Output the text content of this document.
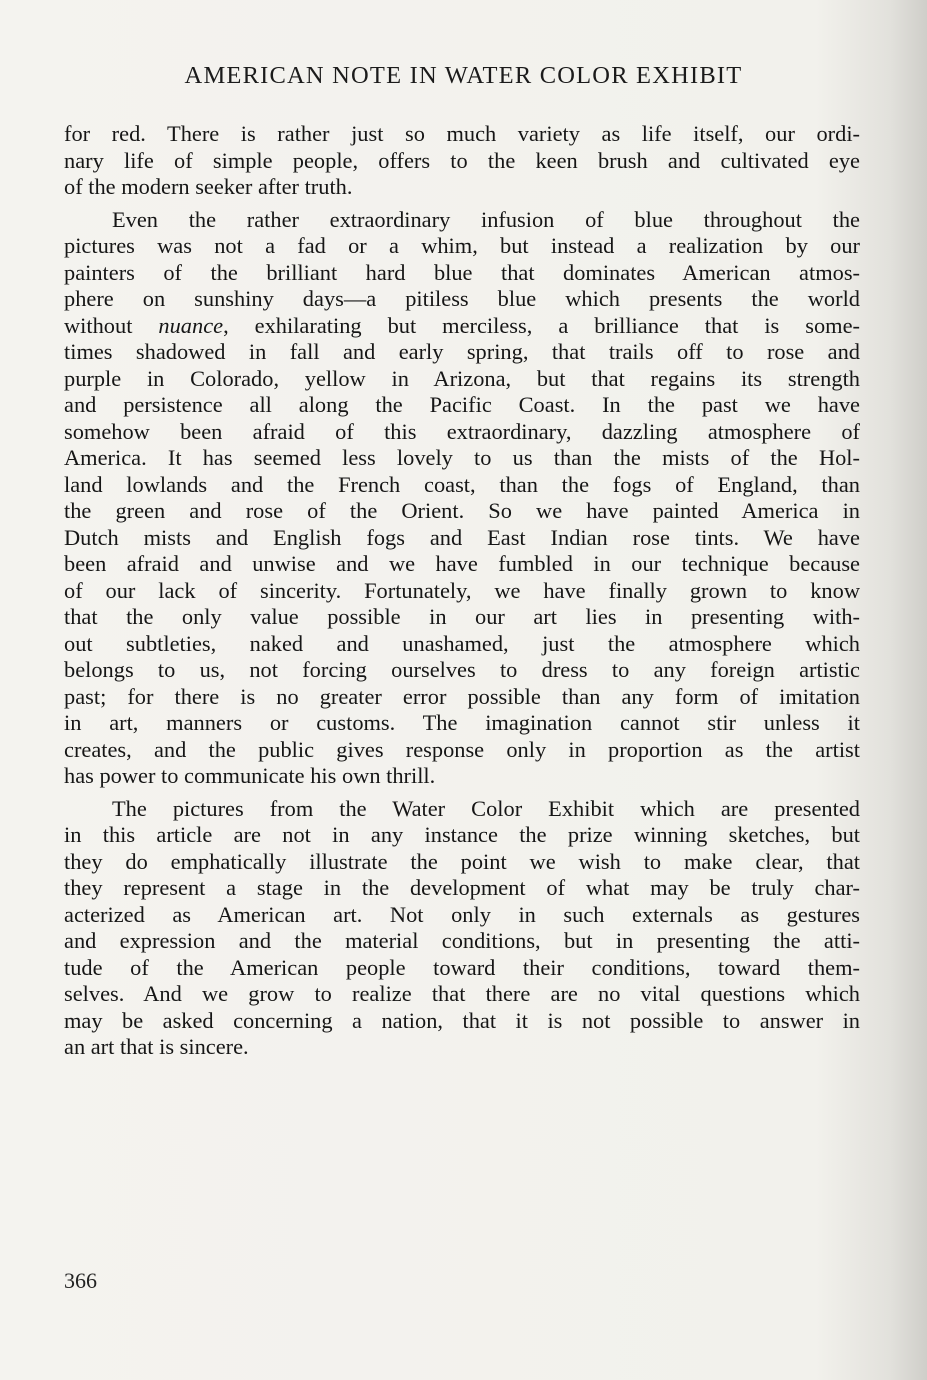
AMERICAN NOTE IN WATER COLOR EXHIBIT
for red. There is rather just so much variety as life itself, our ordi-
nary life of simple people, offers to the keen brush and cultivated eye
of the modern seeker after truth.
Even the rather extraordinary infusion of blue throughout the
pictures was not a fad or a whim, but instead a realization by our
painters of the brilliant hard blue that dominates American atmos-
phere on sunshiny days—a pitiless blue which presents the world
without nuance, exhilarating but merciless, a brilliance that is some-
times shadowed in fall and early spring, that trails off to rose and
purple in Colorado, yellow in Arizona, but that regains its strength
and persistence all along the Pacific Coast. In the past we have
somehow been afraid of this extraordinary, dazzling atmosphere of
America. It has seemed less lovely to us than the mists of the Hol-
land lowlands and the French coast, than the fogs of England, than
the green and rose of the Orient. So we have painted America in
Dutch mists and English fogs and East Indian rose tints. We have
been afraid and unwise and we have fumbled in our technique because
of our lack of sincerity. Fortunately, we have finally grown to know
that the only value possible in our art lies in presenting with-
out subtleties, naked and unashamed, just the atmosphere which
belongs to us, not forcing ourselves to dress to any foreign artistic
past; for there is no greater error possible than any form of imitation
in art, manners or customs. The imagination cannot stir unless it
creates, and the public gives response only in proportion as the artist
has power to communicate his own thrill.
The pictures from the Water Color Exhibit which are presented
in this article are not in any instance the prize winning sketches, but
they do emphatically illustrate the point we wish to make clear, that
they represent a stage in the development of what may be truly char-
acterized as American art. Not only in such externals as gestures
and expression and the material conditions, but in presenting the atti-
tude of the American people toward their conditions, toward them-
selves. And we grow to realize that there are no vital questions which
may be asked concerning a nation, that it is not possible to answer in
an art that is sincere.
366
